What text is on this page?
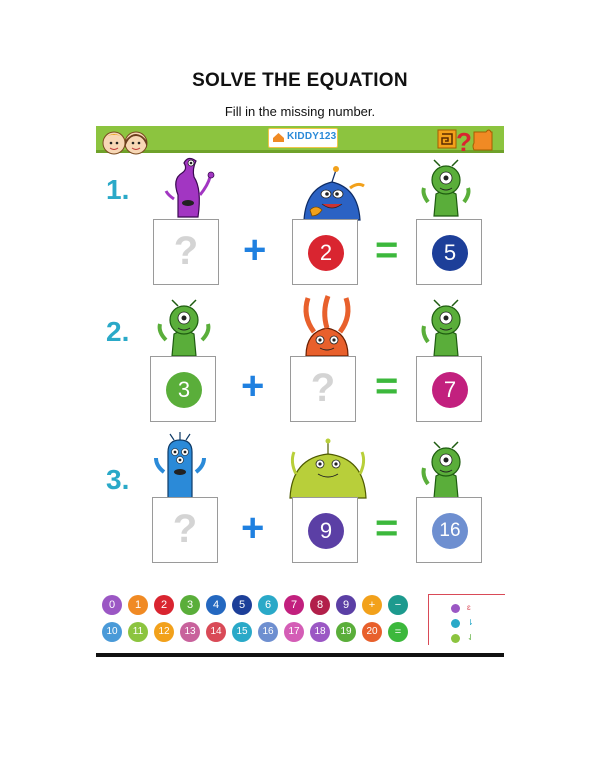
SOLVE THE EQUATION
Fill in the missing number.
KIDDY123	?
1.
2.
3.
?	+	2 =	5
3 +	? =	7
?	+	9 =	16
0	1	2	3	4	5	6	7	8	9	+	−
10	11	12	13	14	15	16	17	18	19	20	=
ɛ
⇂
⇃
